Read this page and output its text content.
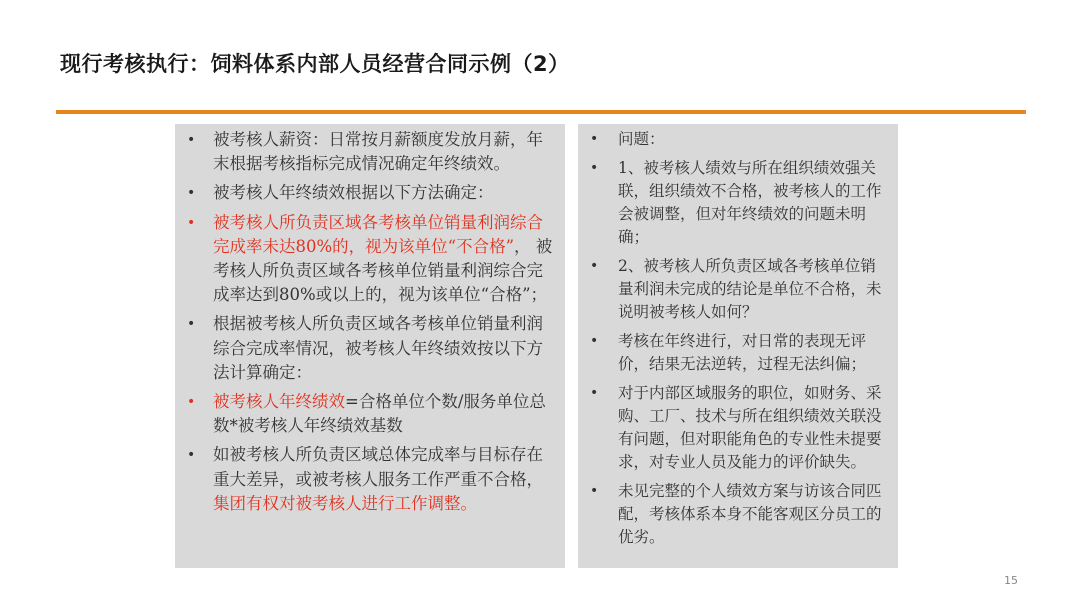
现行考核执行：饲料体系内部人员经营合同示例（2）
• 被考核人薪资：日常按月薪额度发放月薪，年末根据考核指标完成情况确定年终绩效。
• 被考核人年终绩效根据以下方法确定：
• 被考核人所负责区域各考核单位销量利润综合完成率未达80%的，视为该单位“不合格”， 被考核人所负责区域各考核单位销量利润综合完成率达到80%或以上的，视为该单位“合格”；
• 根据被考核人所负责区域各考核单位销量利润综合完成率情况，被考核人年终绩效按以下方法计算确定：
• 被考核人年终绩效=合格单位个数/服务单位总数*被考核人年终绩效基数
• 如被考核人所负责区域总体完成率与目标存在重大差异，或被考核人服务工作严重不合格，集团有权对被考核人进行工作调整。
• 问题：
• 1、被考核人绩效与所在组织绩效强关联，组织绩效不合格，被考核人的工作会被调整，但对年终绩效的问题未明确；
• 2、被考核人所负责区域各考核单位销量利润未完成的结论是单位不合格，未说明被考核人如何？
• 考核在年终进行，对日常的表现无评价，结果无法逆转，过程无法纠偏；
• 对于内部区域服务的职位，如财务、采购、工厂、技术与所在组织绩效关联没有问题，但对职能角色的专业性未提要求，对专业人员及能力的评价缺失。
• 未见完整的个人绩效方案与访该合同匹配，考核体系本身不能客观区分员工的优劣。
15
